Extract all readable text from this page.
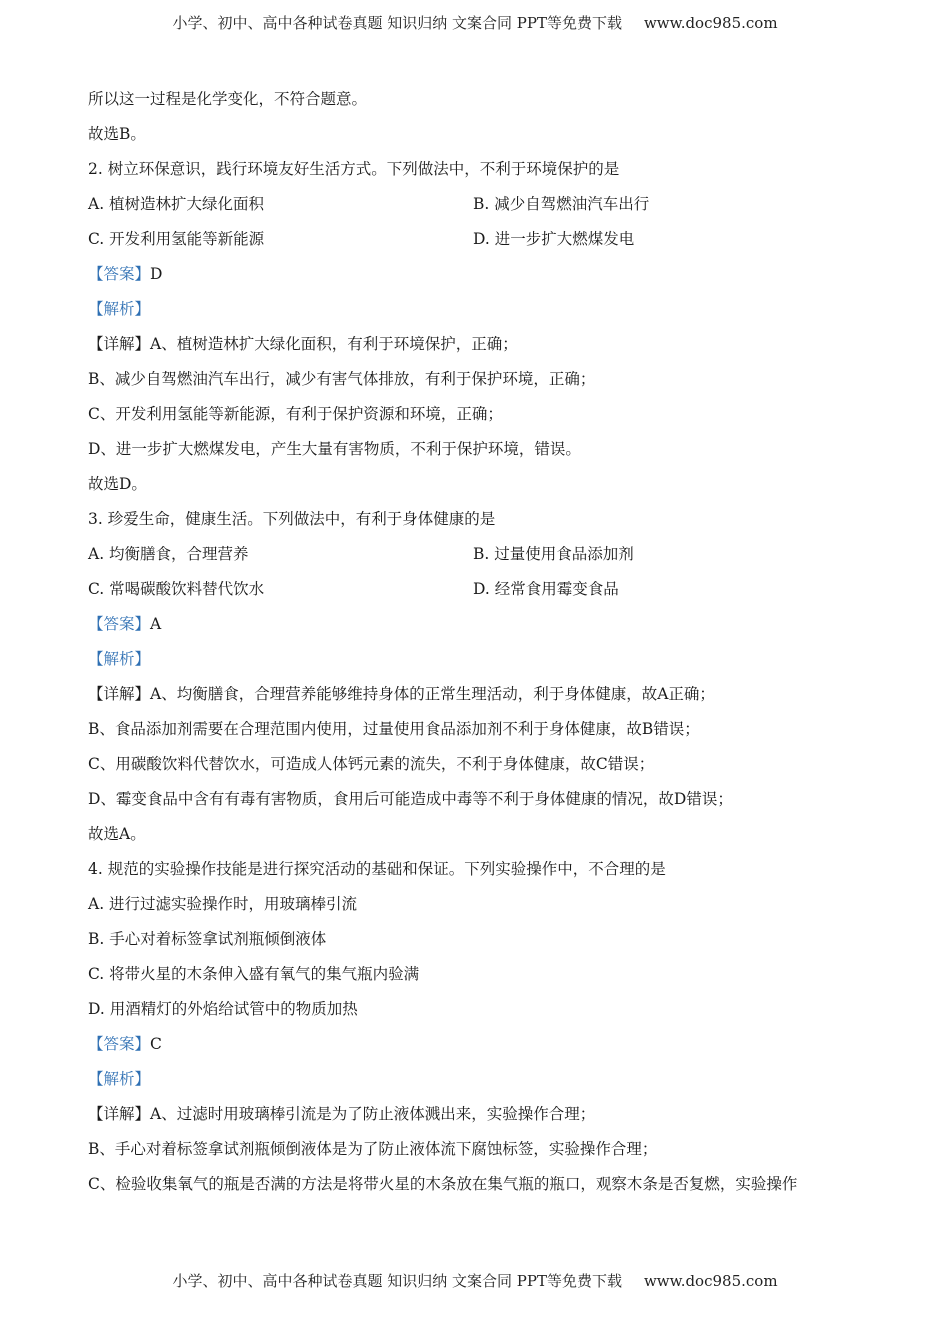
小学、初中、高中各种试卷真题 知识归纳 文案合同 PPT等免费下载 www.doc985.com
所以这一过程是化学变化，不符合题意。
故选B。
2. 树立环保意识，践行环境友好生活方式。下列做法中，不利于环境保护的是
A. 植树造林扩大绿化面积	B. 减少自驾燃油汽车出行
C. 开发利用氢能等新能源	D. 进一步扩大燃煤发电
【答案】D
【解析】
【详解】A、植树造林扩大绿化面积，有利于环境保护，正确；
B、减少自驾燃油汽车出行，减少有害气体排放，有利于保护环境，正确；
C、开发利用氢能等新能源，有利于保护资源和环境，正确；
D、进一步扩大燃煤发电，产生大量有害物质，不利于保护环境，错误。
故选D。
3. 珍爱生命，健康生活。下列做法中，有利于身体健康的是
A. 均衡膳食，合理营养	B. 过量使用食品添加剂
C. 常喝碳酸饮料替代饮水	D. 经常食用霉变食品
【答案】A
【解析】
【详解】A、均衡膳食，合理营养能够维持身体的正常生理活动，利于身体健康，故A正确；
B、食品添加剂需要在合理范围内使用，过量使用食品添加剂不利于身体健康，故B错误；
C、用碳酸饮料代替饮水，可造成人体钙元素的流失，不利于身体健康，故C错误；
D、霉变食品中含有有毒有害物质，食用后可能造成中毒等不利于身体健康的情况，故D错误；
故选A。
4. 规范的实验操作技能是进行探究活动的基础和保证。下列实验操作中，不合理的是
A. 进行过滤实验操作时，用玻璃棒引流
B. 手心对着标签拿试剂瓶倾倒液体
C. 将带火星的木条伸入盛有氧气的集气瓶内验满
D. 用酒精灯的外焰给试管中的物质加热
【答案】C
【解析】
【详解】A、过滤时用玻璃棒引流是为了防止液体溅出来，实验操作合理；
B、手心对着标签拿试剂瓶倾倒液体是为了防止液体流下腐蚀标签，实验操作合理；
C、检验收集氧气的瓶是否满的方法是将带火星的木条放在集气瓶的瓶口，观察木条是否复燃，实验操作
小学、初中、高中各种试卷真题 知识归纳 文案合同 PPT等免费下载 www.doc985.com
